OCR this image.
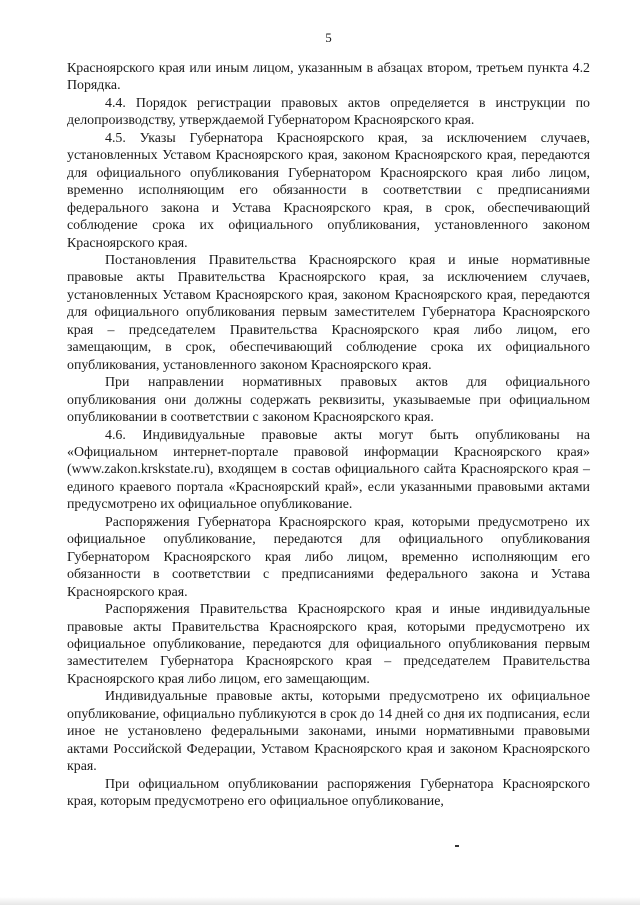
5

Красноярского края или иным лицом, указанным в абзацах втором, третьем пункта 4.2 Порядка.

4.4. Порядок регистрации правовых актов определяется в инструкции по делопроизводству, утверждаемой Губернатором Красноярского края.

4.5. Указы Губернатора Красноярского края, за исключением случаев, установленных Уставом Красноярского края, законом Красноярского края, передаются для официального опубликования Губернатором Красноярского края либо лицом, временно исполняющим его обязанности в соответствии с предписаниями федерального закона и Устава Красноярского края, в срок, обеспечивающий соблюдение срока их официального опубликования, установленного законом Красноярского края.

Постановления Правительства Красноярского края и иные нормативные правовые акты Правительства Красноярского края, за исключением случаев, установленных Уставом Красноярского края, законом Красноярского края, передаются для официального опубликования первым заместителем Губернатора Красноярского края – председателем Правительства Красноярского края либо лицом, его замещающим, в срок, обеспечивающий соблюдение срока их официального опубликования, установленного законом Красноярского края.

При направлении нормативных правовых актов для официального опубликования они должны содержать реквизиты, указываемые при официальном опубликовании в соответствии с законом Красноярского края.

4.6. Индивидуальные правовые акты могут быть опубликованы на «Официальном интернет-портале правовой информации Красноярского края» (www.zakon.krskstate.ru), входящем в состав официального сайта Красноярского края – единого краевого портала «Красноярский край», если указанными правовыми актами предусмотрено их официальное опубликование.

Распоряжения Губернатора Красноярского края, которыми предусмотрено их официальное опубликование, передаются для официального опубликования Губернатором Красноярского края либо лицом, временно исполняющим его обязанности в соответствии с предписаниями федерального закона и Устава Красноярского края.

Распоряжения Правительства Красноярского края и иные индивидуальные правовые акты Правительства Красноярского края, которыми предусмотрено их официальное опубликование, передаются для официального опубликования первым заместителем Губернатора Красноярского края – председателем Правительства Красноярского края либо лицом, его замещающим.

Индивидуальные правовые акты, которыми предусмотрено их официальное опубликование, официально публикуются в срок до 14 дней со дня их подписания, если иное не установлено федеральными законами, иными нормативными правовыми актами Российской Федерации, Уставом Красноярского края и законом Красноярского края.

При официальном опубликовании распоряжения Губернатора Красноярского края, которым предусмотрено его официальное опубликование,
